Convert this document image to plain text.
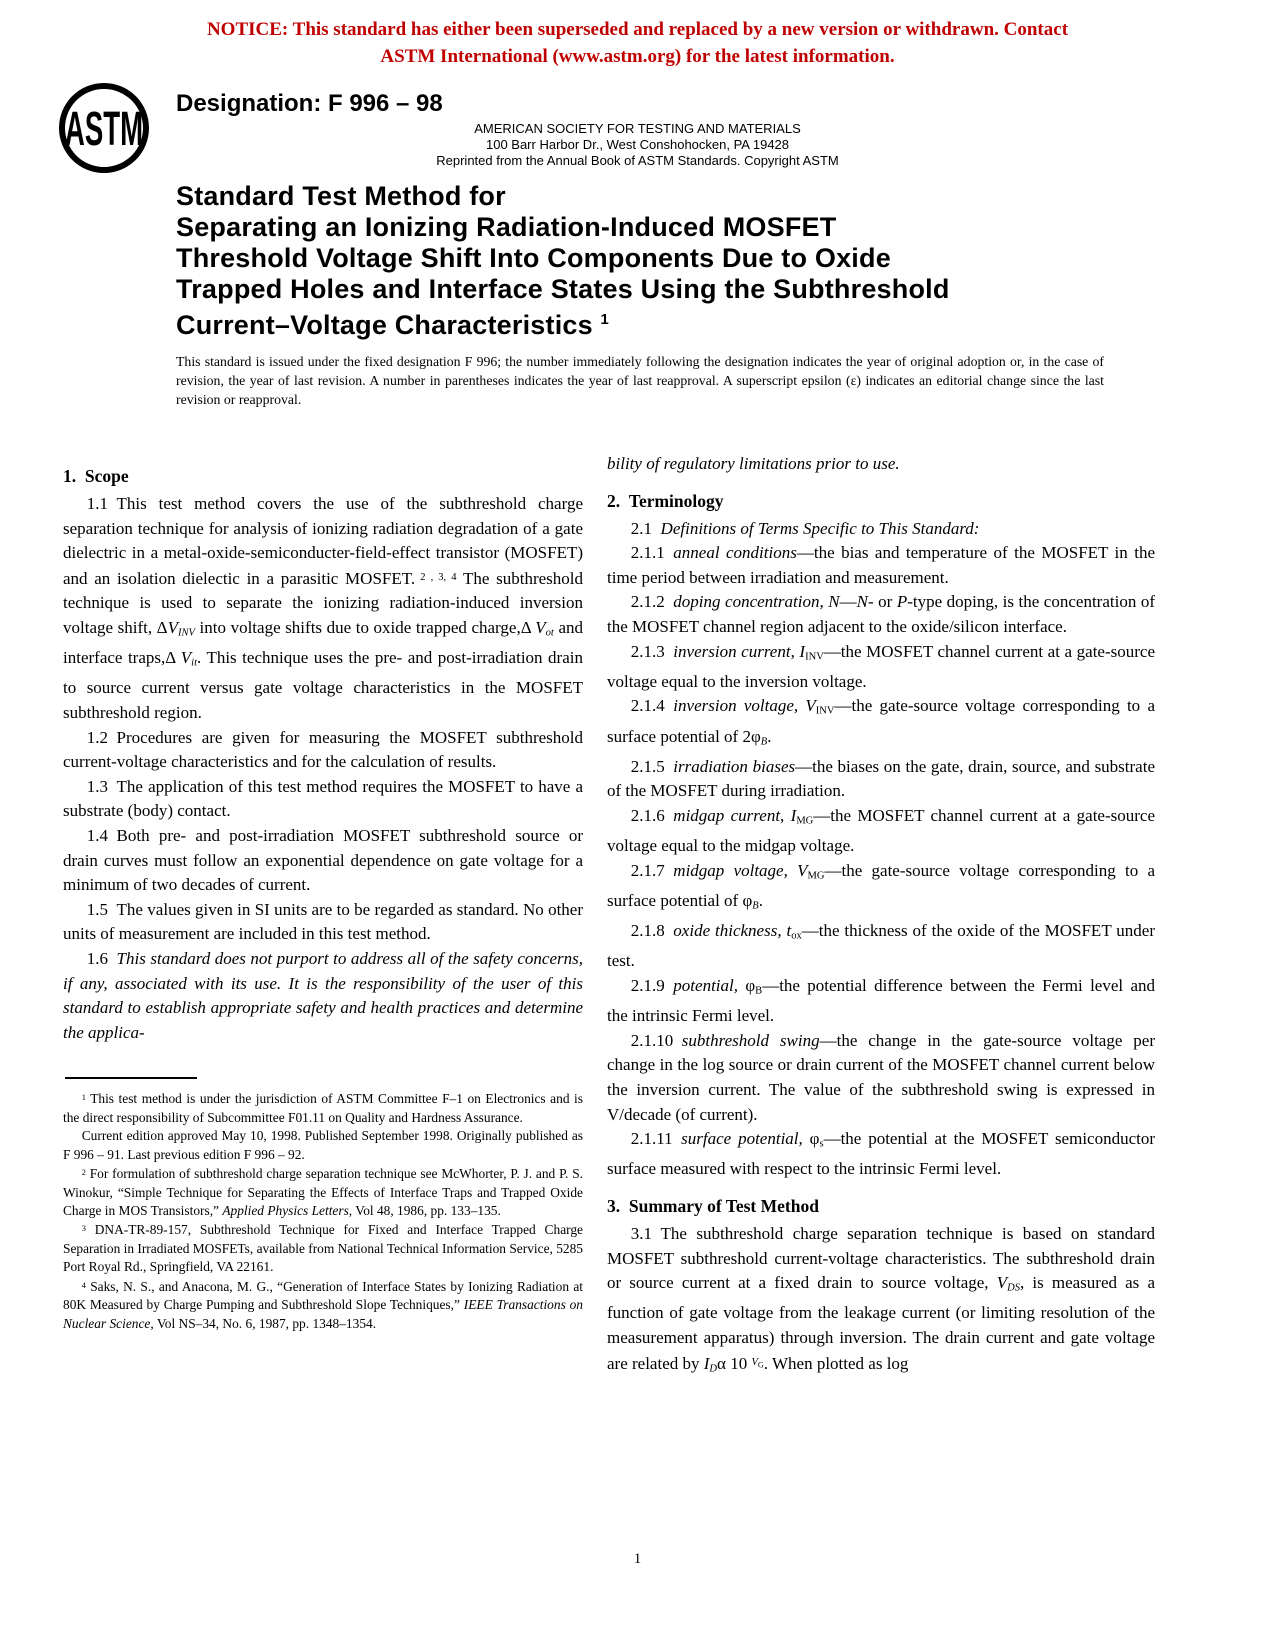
NOTICE: This standard has either been superseded and replaced by a new version or withdrawn. Contact
ASTM International (www.astm.org) for the latest information.
ASTM Designation: F 996 – 98
AMERICAN SOCIETY FOR TESTING AND MATERIALS
100 Barr Harbor Dr., West Conshohocken, PA 19428
Reprinted from the Annual Book of ASTM Standards. Copyright ASTM
Standard Test Method for
Separating an Ionizing Radiation-Induced MOSFET
Threshold Voltage Shift Into Components Due to Oxide
Trapped Holes and Interface States Using the Subthreshold
Current–Voltage Characteristics $^1$

This standard is issued under the fixed designation F 996; the number immediately following the designation indicates the year of original adoption or, in the case of revision, the year of last revision. A number in parentheses indicates the year of last reapproval. A superscript epsilon (ε) indicates an editorial change since the last revision or reapproval.

1. Scope

1.1 This test method covers the use of the subthreshold charge separation technique for analysis of ionizing radiation degradation of a gate dielectric in a metal-oxide-semiconducter-field-effect transistor (MOSFET) and an isolation dielectic in a parasitic MOSFET. $^{2 , 3, 4}$ The subthreshold technique is used to separate the ionizing radiation-induced inversion voltage shift, ΔVINV into voltage shifts due to oxide trapped charge,Δ Vot and interface traps,Δ Vit. This technique uses the pre- and post-irradiation drain to source current versus gate voltage characteristics in the MOSFET subthreshold region.

1.2 Procedures are given for measuring the MOSFET subthreshold current-voltage characteristics and for the calculation of results.

1.3 The application of this test method requires the MOSFET to have a substrate (body) contact.

1.4 Both pre- and post-irradiation MOSFET subthreshold source or drain curves must follow an exponential dependence on gate voltage for a minimum of two decades of current.

1.5 The values given in SI units are to be regarded as standard. No other units of measurement are included in this test method.

1.6 This standard does not purport to address all of the safety concerns, if any, associated with its use. It is the responsibility of the user of this standard to establish appropriate safety and health practices and determine the applica-

$^1$ This test method is under the jurisdiction of ASTM Committee F–1 on Electronics and is the direct responsibility of Subcommittee F01.11 on Quality and Hardness Assurance.

Current edition approved May 10, 1998. Published September 1998. Originally published as F 996 – 91. Last previous edition F 996 – 92.

$^2$ For formulation of subthreshold charge separation technique see McWhorter, P. J. and P. S. Winokur, “Simple Technique for Separating the Effects of Interface Traps and Trapped Oxide Charge in MOS Transistors,” Applied Physics Letters, Vol 48, 1986, pp. 133–135.

$^3$ DNA-TR-89-157, Subthreshold Technique for Fixed and Interface Trapped Charge Separation in Irradiated MOSFETs, available from National Technical Information Service, 5285 Port Royal Rd., Springfield, VA 22161.

$^4$ Saks, N. S., and Anacona, M. G., “Generation of Interface States by Ionizing Radiation at 80K Measured by Charge Pumping and Subthreshold Slope Techniques,” IEEE Transactions on Nuclear Science, Vol NS–34, No. 6, 1987, pp. 1348–1354.

bility of regulatory limitations prior to use.

2. Terminology

2.1 Definitions of Terms Specific to This Standard:

2.1.1 anneal conditions—the bias and temperature of the MOSFET in the time period between irradiation and measurement.

2.1.2 doping concentration, N—N- or P-type doping, is the concentration of the MOSFET channel region adjacent to the oxide/silicon interface.

2.1.3 inversion current, IINV—the MOSFET channel current at a gate-source voltage equal to the inversion voltage.

2.1.4 inversion voltage, VINV—the gate-source voltage corresponding to a surface potential of 2φB.

2.1.5 irradiation biases—the biases on the gate, drain, source, and substrate of the MOSFET during irradiation.

2.1.6 midgap current, IMG—the MOSFET channel current at a gate-source voltage equal to the midgap voltage.

2.1.7 midgap voltage, VMG—the gate-source voltage corresponding to a surface potential of φB.

2.1.8 oxide thickness, tox—the thickness of the oxide of the MOSFET under test.

2.1.9 potential, φB—the potential difference between the Fermi level and the intrinsic Fermi level.

2.1.10 subthreshold swing—the change in the gate-source voltage per change in the log source or drain current of the MOSFET channel current below the inversion current. The value of the subthreshold swing is expressed in V/decade (of current).

2.1.11 surface potential, φs—the potential at the MOSFET semiconductor surface measured with respect to the intrinsic Fermi level.

3. Summary of Test Method

3.1 The subthreshold charge separation technique is based on standard MOSFET subthreshold current-voltage characteristics. The subthreshold drain or source current at a fixed drain to source voltage, VDS, is measured as a function of gate voltage from the leakage current (or limiting resolution of the measurement apparatus) through inversion. The drain current and gate voltage are related by IDα 10 $^V$G. When plotted as log

1
